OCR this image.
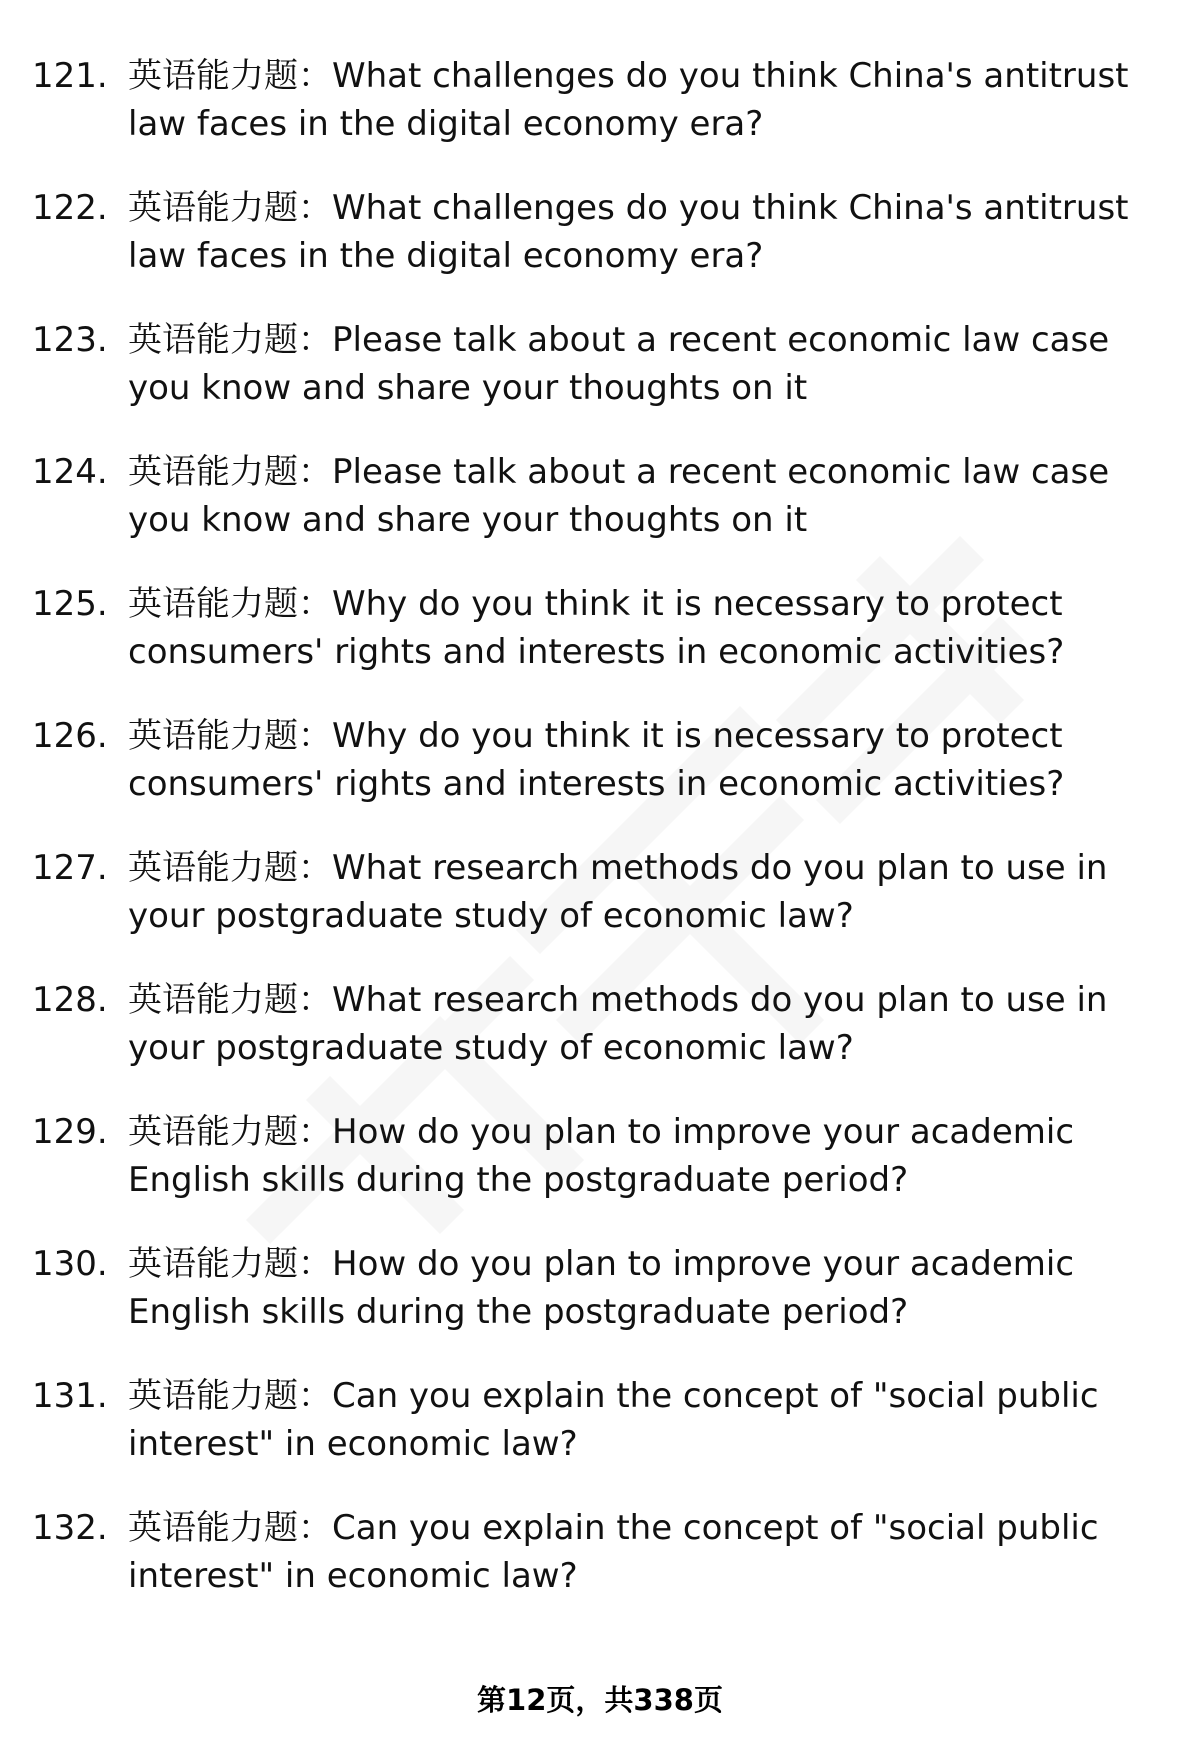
121. 英语能力题：What challenges do you think China's antitrust law faces in the digital economy era?
122. 英语能力题：What challenges do you think China's antitrust law faces in the digital economy era?
123. 英语能力题：Please talk about a recent economic law case you know and share your thoughts on it
124. 英语能力题：Please talk about a recent economic law case you know and share your thoughts on it
125. 英语能力题：Why do you think it is necessary to protect consumers' rights and interests in economic activities?
126. 英语能力题：Why do you think it is necessary to protect consumers' rights and interests in economic activities?
127. 英语能力题：What research methods do you plan to use in your postgraduate study of economic law?
128. 英语能力题：What research methods do you plan to use in your postgraduate study of economic law?
129. 英语能力题：How do you plan to improve your academic English skills during the postgraduate period?
130. 英语能力题：How do you plan to improve your academic English skills during the postgraduate period?
131. 英语能力题：Can you explain the concept of "social public interest" in economic law?
132. 英语能力题：Can you explain the concept of "social public interest" in economic law?
第12页，共338页
